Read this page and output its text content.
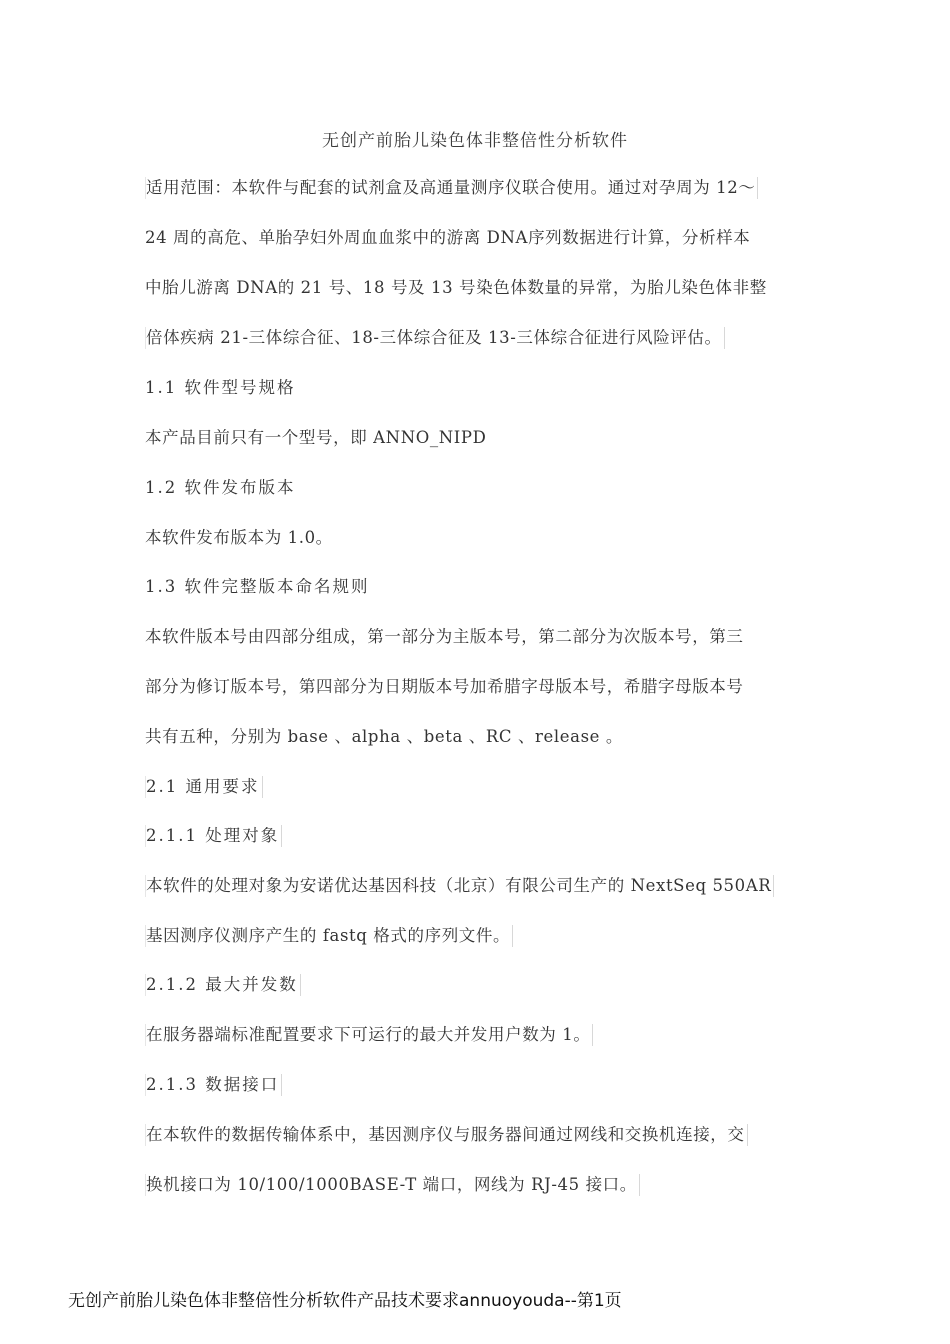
无创产前胎儿染色体非整倍性分析软件
适用范围：本软件与配套的试剂盒及高通量测序仪联合使用。通过对孕周为 12～
24 周的高危、单胎孕妇外周血血浆中的游离 DNA序列数据进行计算，分析样本
中胎儿游离 DNA的 21 号、18 号及 13 号染色体数量的异常，为胎儿染色体非整
倍体疾病 21-三体综合征、18-三体综合征及 13-三体综合征进行风险评估。
1.1 软件型号规格
本产品目前只有一个型号，即 ANNO_NIPD
1.2 软件发布版本
本软件发布版本为 1.0。
1.3 软件完整版本命名规则
本软件版本号由四部分组成，第一部分为主版本号，第二部分为次版本号，第三
部分为修订版本号，第四部分为日期版本号加希腊字母版本号，希腊字母版本号
共有五种，分别为 base 、alpha 、beta 、RC 、release 。
2.1 通用要求
2.1.1 处理对象
本软件的处理对象为安诺优达基因科技（北京）有限公司生产的 NextSeq 550AR
基因测序仪测序产生的 fastq 格式的序列文件。
2.1.2 最大并发数
在服务器端标准配置要求下可运行的最大并发用户数为 1。
2.1.3 数据接口
在本软件的数据传输体系中，基因测序仪与服务器间通过网线和交换机连接，交
换机接口为 10/100/1000BASE-T 端口，网线为 RJ-45 接口。
无创产前胎儿染色体非整倍性分析软件产品技术要求annuoyouda--第1页
